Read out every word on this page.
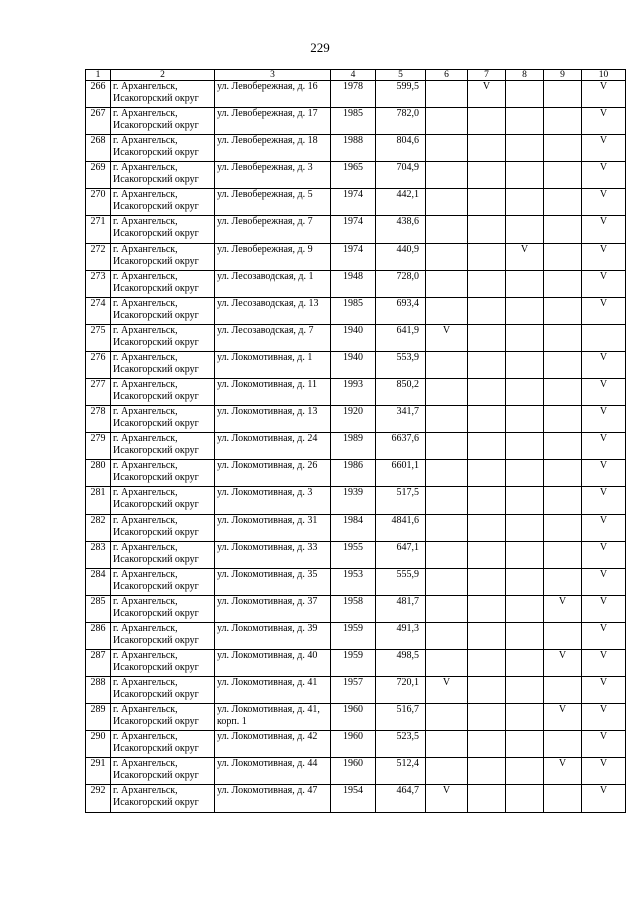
229
1	2	3	4	5	6	7	8	9	10
266	г. Архангельск, Исакогорский округ	ул. Левобережная, д. 16	1978	599,5		V			V
267	г. Архангельск, Исакогорский округ	ул. Левобережная, д. 17	1985	782,0					V
268	г. Архангельск, Исакогорский округ	ул. Левобережная, д. 18	1988	804,6					V
269	г. Архангельск, Исакогорский округ	ул. Левобережная, д. 3	1965	704,9					V
270	г. Архангельск, Исакогорский округ	ул. Левобережная, д. 5	1974	442,1					V
271	г. Архангельск, Исакогорский округ	ул. Левобережная, д. 7	1974	438,6					V
272	г. Архангельск, Исакогорский округ	ул. Левобережная, д. 9	1974	440,9			V		V
273	г. Архангельск, Исакогорский округ	ул. Лесозаводская, д. 1	1948	728,0					V
274	г. Архангельск, Исакогорский округ	ул. Лесозаводская, д. 13	1985	693,4					V
275	г. Архангельск, Исакогорский округ	ул. Лесозаводская, д. 7	1940	641,9	V				
276	г. Архангельск, Исакогорский округ	ул. Локомотивная, д. 1	1940	553,9					V
277	г. Архангельск, Исакогорский округ	ул. Локомотивная, д. 11	1993	850,2					V
278	г. Архангельск, Исакогорский округ	ул. Локомотивная, д. 13	1920	341,7					V
279	г. Архангельск, Исакогорский округ	ул. Локомотивная, д. 24	1989	6637,6					V
280	г. Архангельск, Исакогорский округ	ул. Локомотивная, д. 26	1986	6601,1					V
281	г. Архангельск, Исакогорский округ	ул. Локомотивная, д. 3	1939	517,5					V
282	г. Архангельск, Исакогорский округ	ул. Локомотивная, д. 31	1984	4841,6					V
283	г. Архангельск, Исакогорский округ	ул. Локомотивная, д. 33	1955	647,1					V
284	г. Архангельск, Исакогорский округ	ул. Локомотивная, д. 35	1953	555,9					V
285	г. Архангельск, Исакогорский округ	ул. Локомотивная, д. 37	1958	481,7				V	V
286	г. Архангельск, Исакогорский округ	ул. Локомотивная, д. 39	1959	491,3					V
287	г. Архангельск, Исакогорский округ	ул. Локомотивная, д. 40	1959	498,5				V	V
288	г. Архангельск, Исакогорский округ	ул. Локомотивная, д. 41	1957	720,1	V				V
289	г. Архангельск, Исакогорский округ	ул. Локомотивная, д. 41, корп. 1	1960	516,7				V	V
290	г. Архангельск, Исакогорский округ	ул. Локомотивная, д. 42	1960	523,5					V
291	г. Архангельск, Исакогорский округ	ул. Локомотивная, д. 44	1960	512,4				V	V
292	г. Архангельск, Исакогорский округ	ул. Локомотивная, д. 47	1954	464,7	V				V
